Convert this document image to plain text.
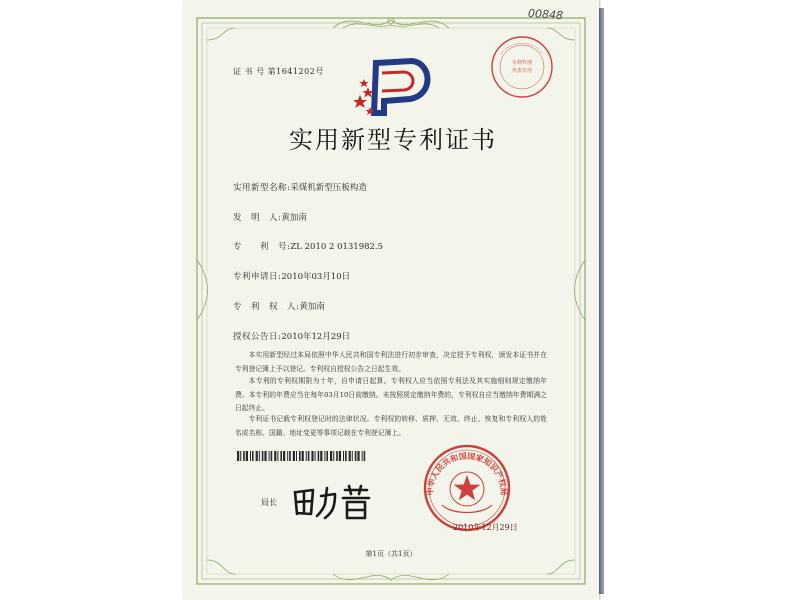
00848
证 书 号 第1641202号
专利代理
代表专用
实用新型专利证书
实用新型名称:采煤机新型压板构造
发　明　人:黄加南
专　　利　号:ZL 2010 2 0131982.5
专利申请日:2010年03月10日
专　利　权　人:黄加南
授权公告日:2010年12月29日
本实用新型经过本局依照中华人民共和国专利法进行初步审查，决定授予专利权，颁发本证书并在专利登记簿上予以登记。专利权自授权公告之日起生效。
本专利的专利权期限为十年，自申请日起算。专利权人应当依照专利法及其实施细则规定缴纳年费。本专利的年费应当在每年03月10日前缴纳。未按照规定缴纳年费的，专利权自应当缴纳年费期满之日起终止。
专利证书记载专利权登记时的法律状况。专利权的转移、质押、无效、终止、恢复和专利权人的姓名或名称、国籍、地址变更等事项记载在专利登记簿上。
局长
中华人民共和国国家知识产权局
2010年12月29日
第1页（共1页）
